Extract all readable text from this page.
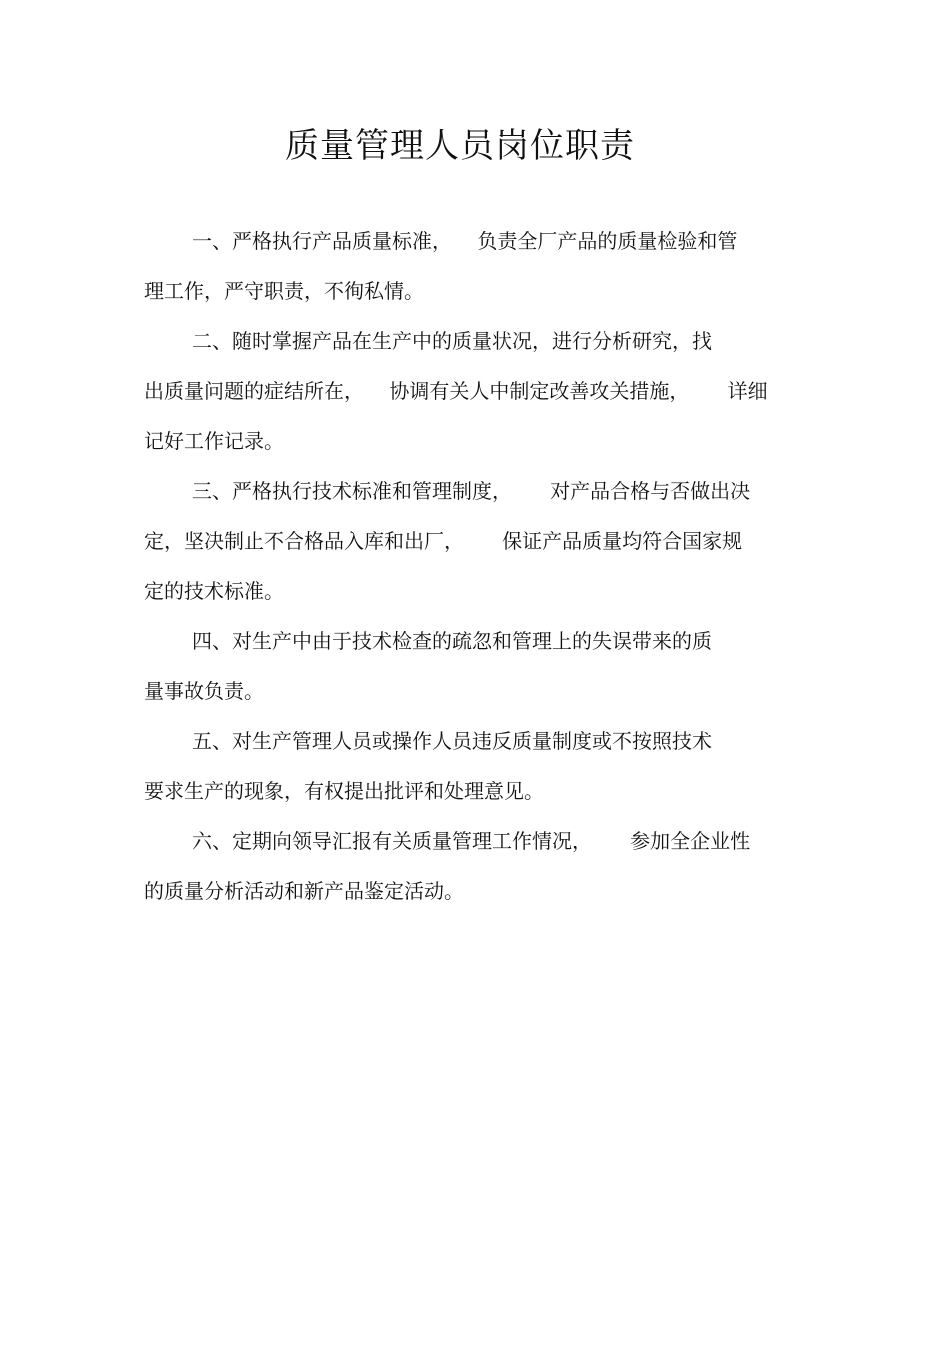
质量管理人员岗位职责
一、严格执行产品质量标准，    负责全厂产品的质量检验和管
理工作，严守职责，不徇私情。
二、随时掌握产品在生产中的质量状况，进行分析研究，找
出质量问题的症结所在，    协调有关人中制定改善攻关措施，      详细
记好工作记录。
三、严格执行技术标准和管理制度，      对产品合格与否做出决
定，坚决制止不合格品入库和出厂，      保证产品质量均符合国家规
定的技术标准。
四、对生产中由于技术检查的疏忽和管理上的失误带来的质
量事故负责。
五、对生产管理人员或操作人员违反质量制度或不按照技术
要求生产的现象，有权提出批评和处理意见。
六、定期向领导汇报有关质量管理工作情况，      参加全企业性
的质量分析活动和新产品鉴定活动。
